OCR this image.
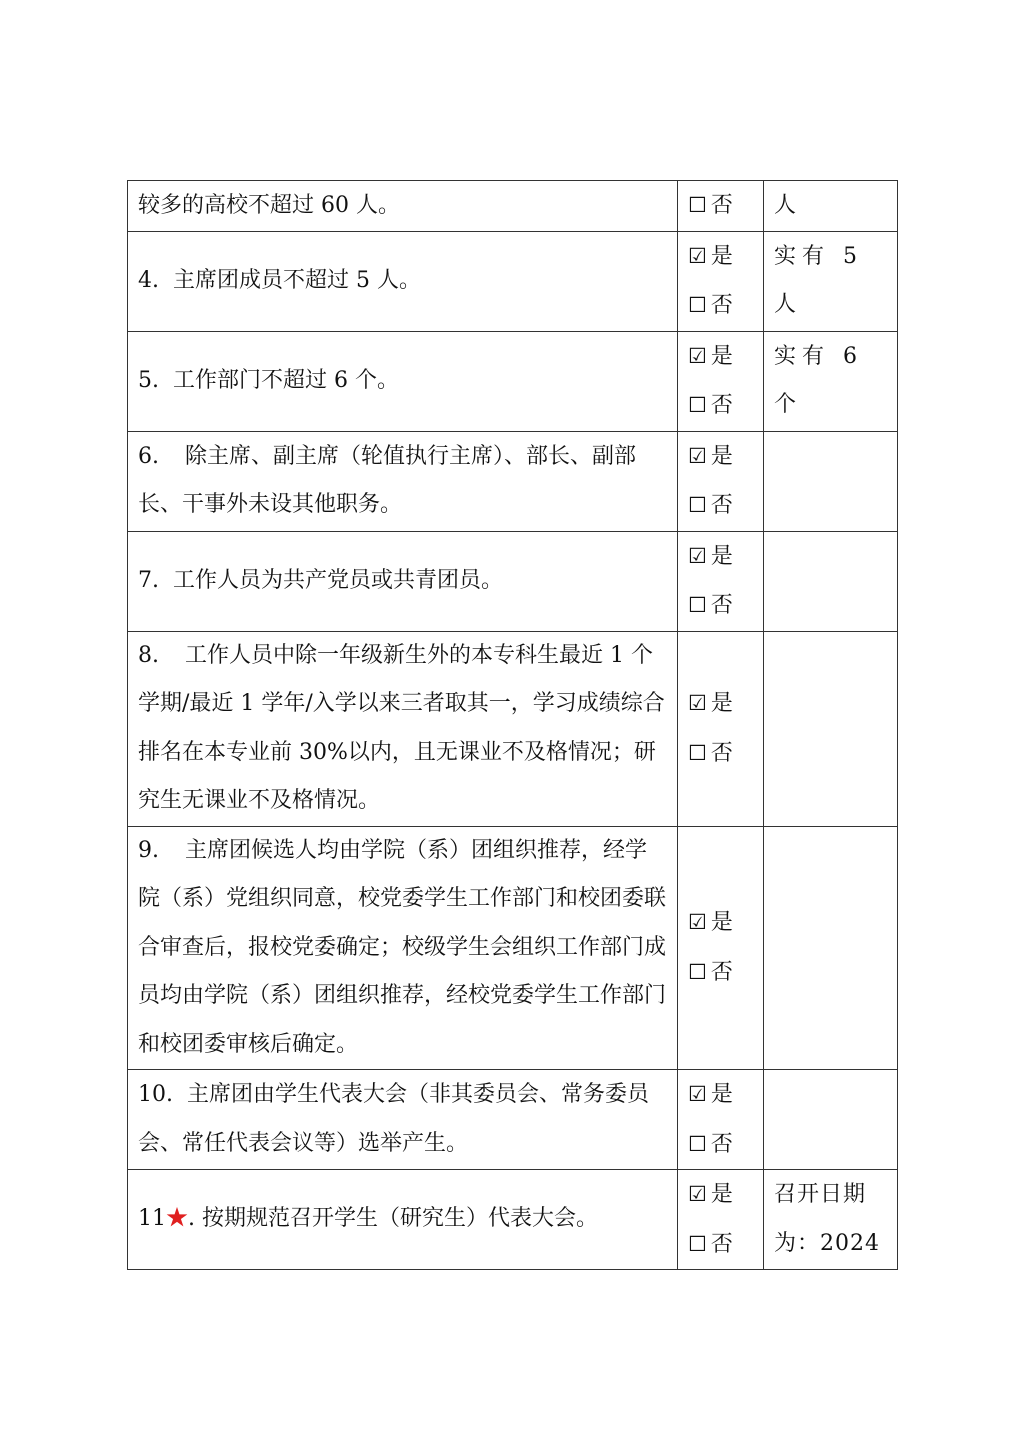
较多的高校不超过 60 人。	☐ 否	人
4. 主席团成员不超过 5 人。	☑ 是
☐ 否	实有 5 人
5. 工作部门不超过 6 个。	☑ 是
☐ 否	实有 6 个
6. 除主席、副主席（轮值执行主席）、部长、副部长、干事外未设其他职务。	☑ 是
☐ 否	

7. 工作人员为共产党员或共青团员。	☑ 是
☐ 否	

8. 工作人员中除一年级新生外的本专科生最近 1 个学期/最近 1 学年/入学以来三者取其一，学习成绩综合排名在本专业前 30%以内，且无课业不及格情况；研究生无课业不及格情况。	☑ 是
☐ 否	

9. 主席团候选人均由学院（系）团组织推荐，经学院（系）党组织同意，校党委学生工作部门和校团委联合审查后，报校党委确定；校级学生会组织工作部门成员均由学院（系）团组织推荐，经校党委学生工作部门和校团委审核后确定。	☑ 是
☐ 否	

10. 主席团由学生代表大会（非其委员会、常务委员会、常任代表会议等）选举产生。	☑ 是
☐ 否	

11★. 按期规范召开学生（研究生）代表大会。	☑ 是
☐ 否	召开日期为：2024
